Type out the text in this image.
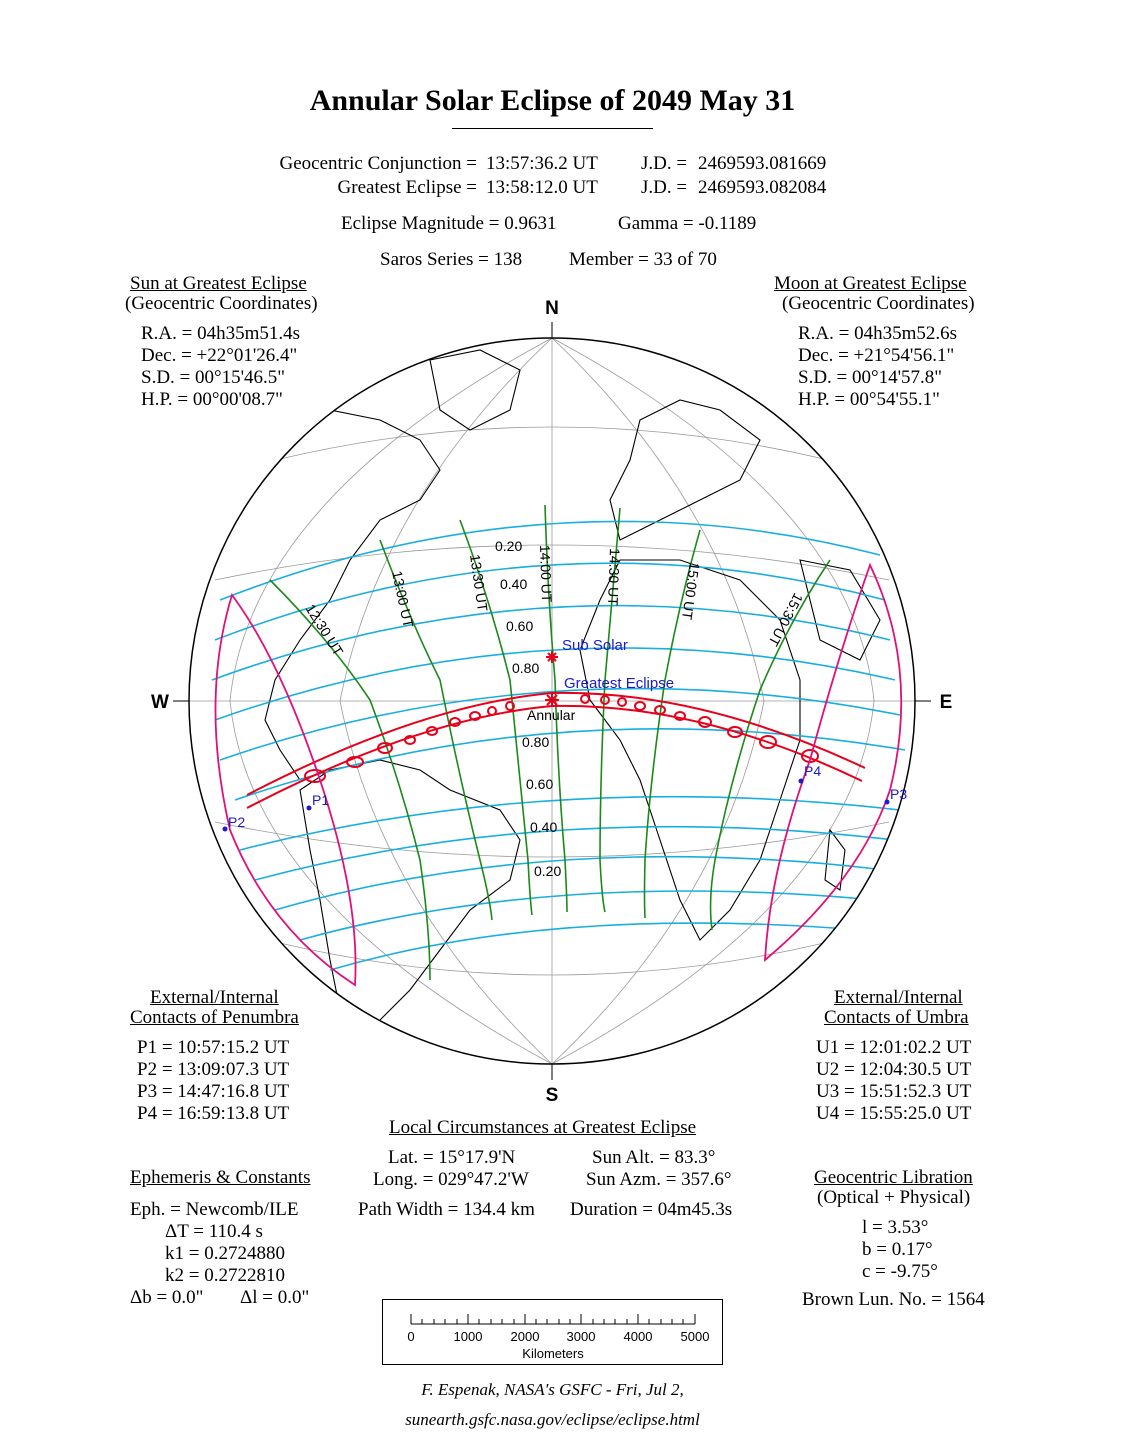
Annular Solar Eclipse of 2049 May 31
Geocentric Conjunction = 13:57:36.2 UT J.D. = 2469593.081669
Greatest Eclipse = 13:58:12.0 UT J.D. = 2469593.082084
Eclipse Magnitude = 0.9631	Gamma = -0.1189
Saros Series = 138 Member = 33 of 70
Sun at Greatest Eclipse
(Geocentric Coordinates)
R.A. = 04h35m51.4s
Dec. = +22°01'26.4"
S.D. = 00°15'46.5"
H.P. = 00°00'08.7"
Moon at Greatest Eclipse
(Geocentric Coordinates)
R.A. = 04h35m52.6s
Dec. = +21°54'56.1"
S.D. = 00°14'57.8"
H.P. = 00°54'55.1"
N
S
W	E
12:30 UT
13:00 UT	13:30 UT	14:00 UT	14:30 UT	15:00 UT	15:30 UT
0.20
0.40
0.60
0.80
0.80
0.60
0.40
0.20
Sub Solar
Greatest Eclipse
Annular
P1
P2
P3
P4
External/Internal
Contacts of Penumbra
P1 = 10:57:15.2 UT
P2 = 13:09:07.3 UT
P3 = 14:47:16.8 UT
P4 = 16:59:13.8 UT
External/Internal
Contacts of Umbra
U1 = 12:01:02.2 UT
U2 = 12:04:30.5 UT
U3 = 15:51:52.3 UT
U4 = 15:55:25.0 UT
Local Circumstances at Greatest Eclipse
Lat. = 15°17.9'N
Long. = 029°47.2'W
Sun Alt. = 83.3°
Sun Azm. = 357.6°
Path Width = 134.4 km Duration = 04m45.3s
Ephemeris & Constants
Eph. = Newcomb/ILE
ΔT = 110.4 s
k1 = 0.2724880
k2 = 0.2722810
Δb = 0.0" Δl = 0.0"
Geocentric Libration
(Optical + Physical)
l = 3.53°
b = 0.17°
c = -9.75°
Brown Lun. No. = 1564
0	1000 2000 3000 4000 5000
Kilometers
F. Espenak, NASA's GSFC - Fri, Jul 2,
sunearth.gsfc.nasa.gov/eclipse/eclipse.html
